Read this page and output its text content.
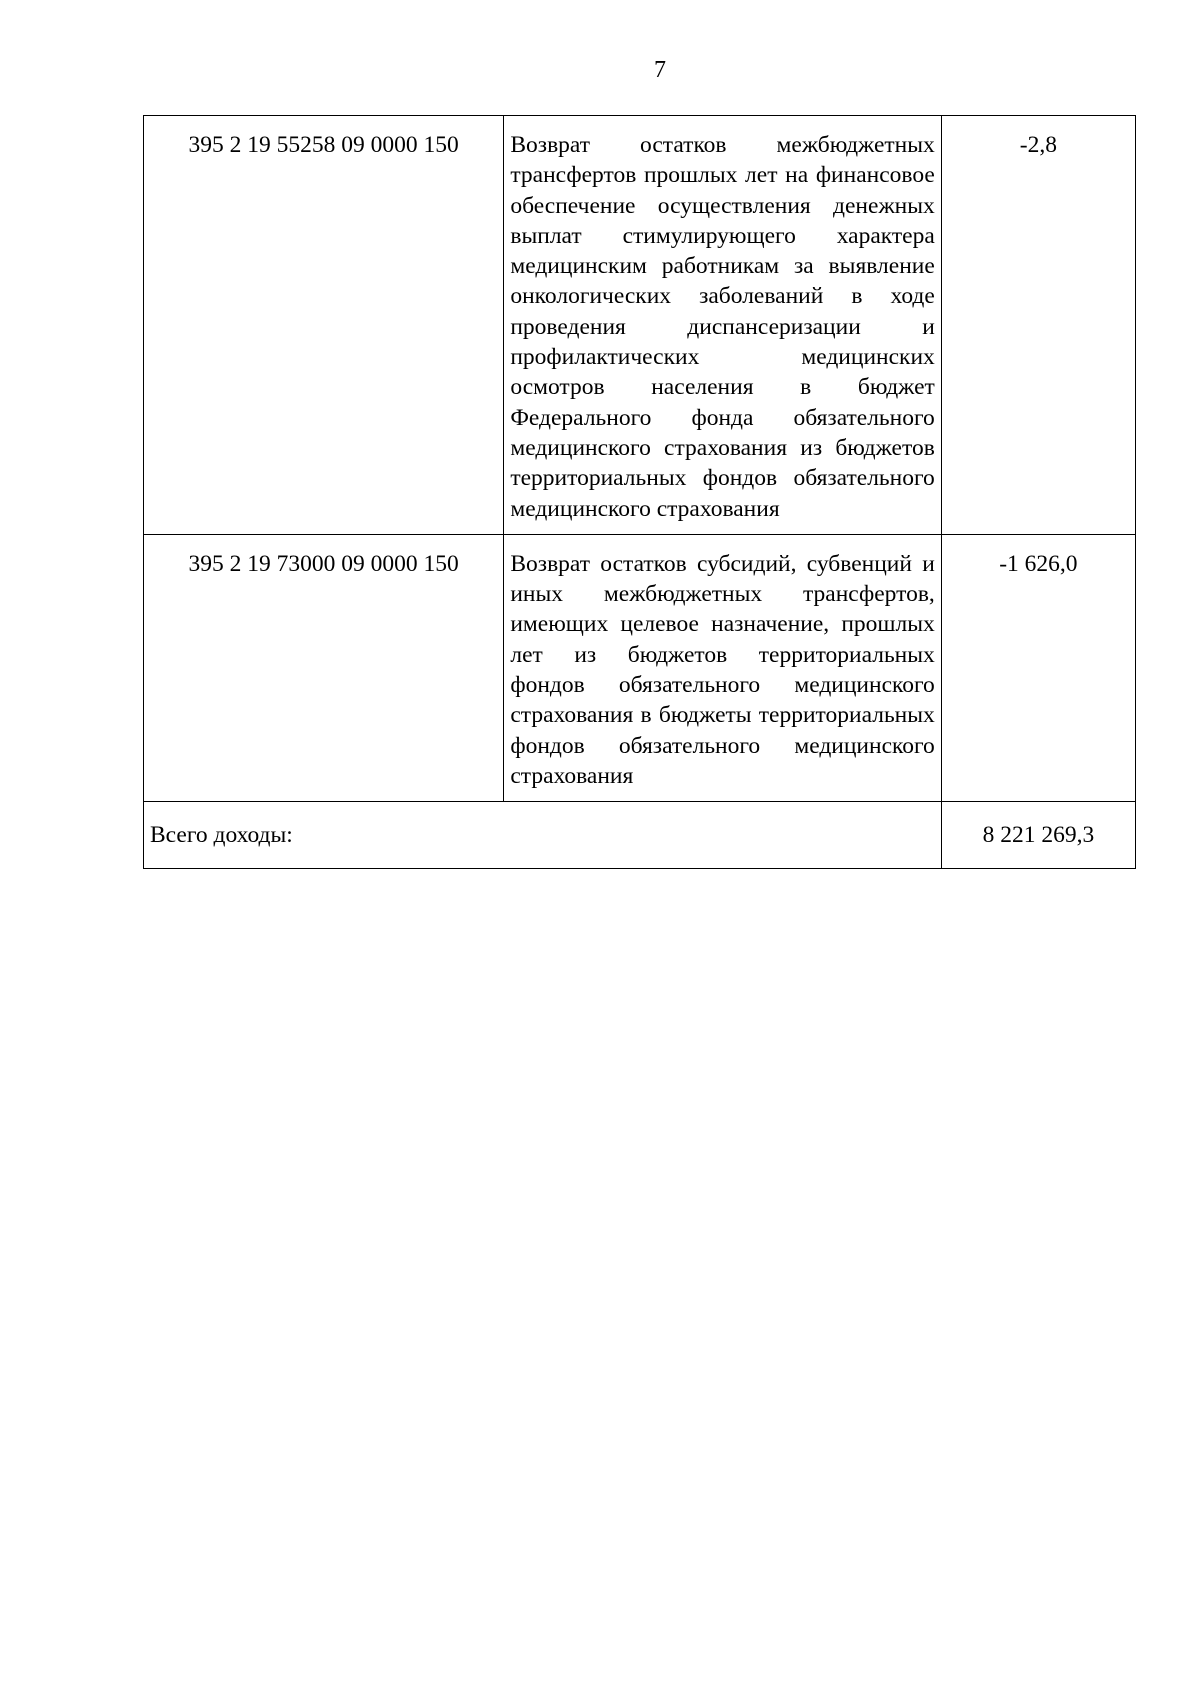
7
395 2 19 55258 09 0000 150	Возврат остатков межбюджетных трансфертов прошлых лет на финансовое обеспечение осуществления денежных выплат стимулирующего характера медицинским работникам за выявление онкологических заболеваний в ходе проведения диспансеризации и профилактических медицинских осмотров населения в бюджет Федерального фонда обязательного медицинского страхования из бюджетов территориальных фондов обязательного медицинского страхования	-2,8
395 2 19 73000 09 0000 150	Возврат остатков субсидий, субвенций и иных межбюджетных трансфертов, имеющих целевое назначение, прошлых лет из бюджетов территориальных фондов обязательного медицинского страхования в бюджеты территориальных фондов обязательного медицинского страхования	-1 626,0
Всего доходы:		8 221 269,3
